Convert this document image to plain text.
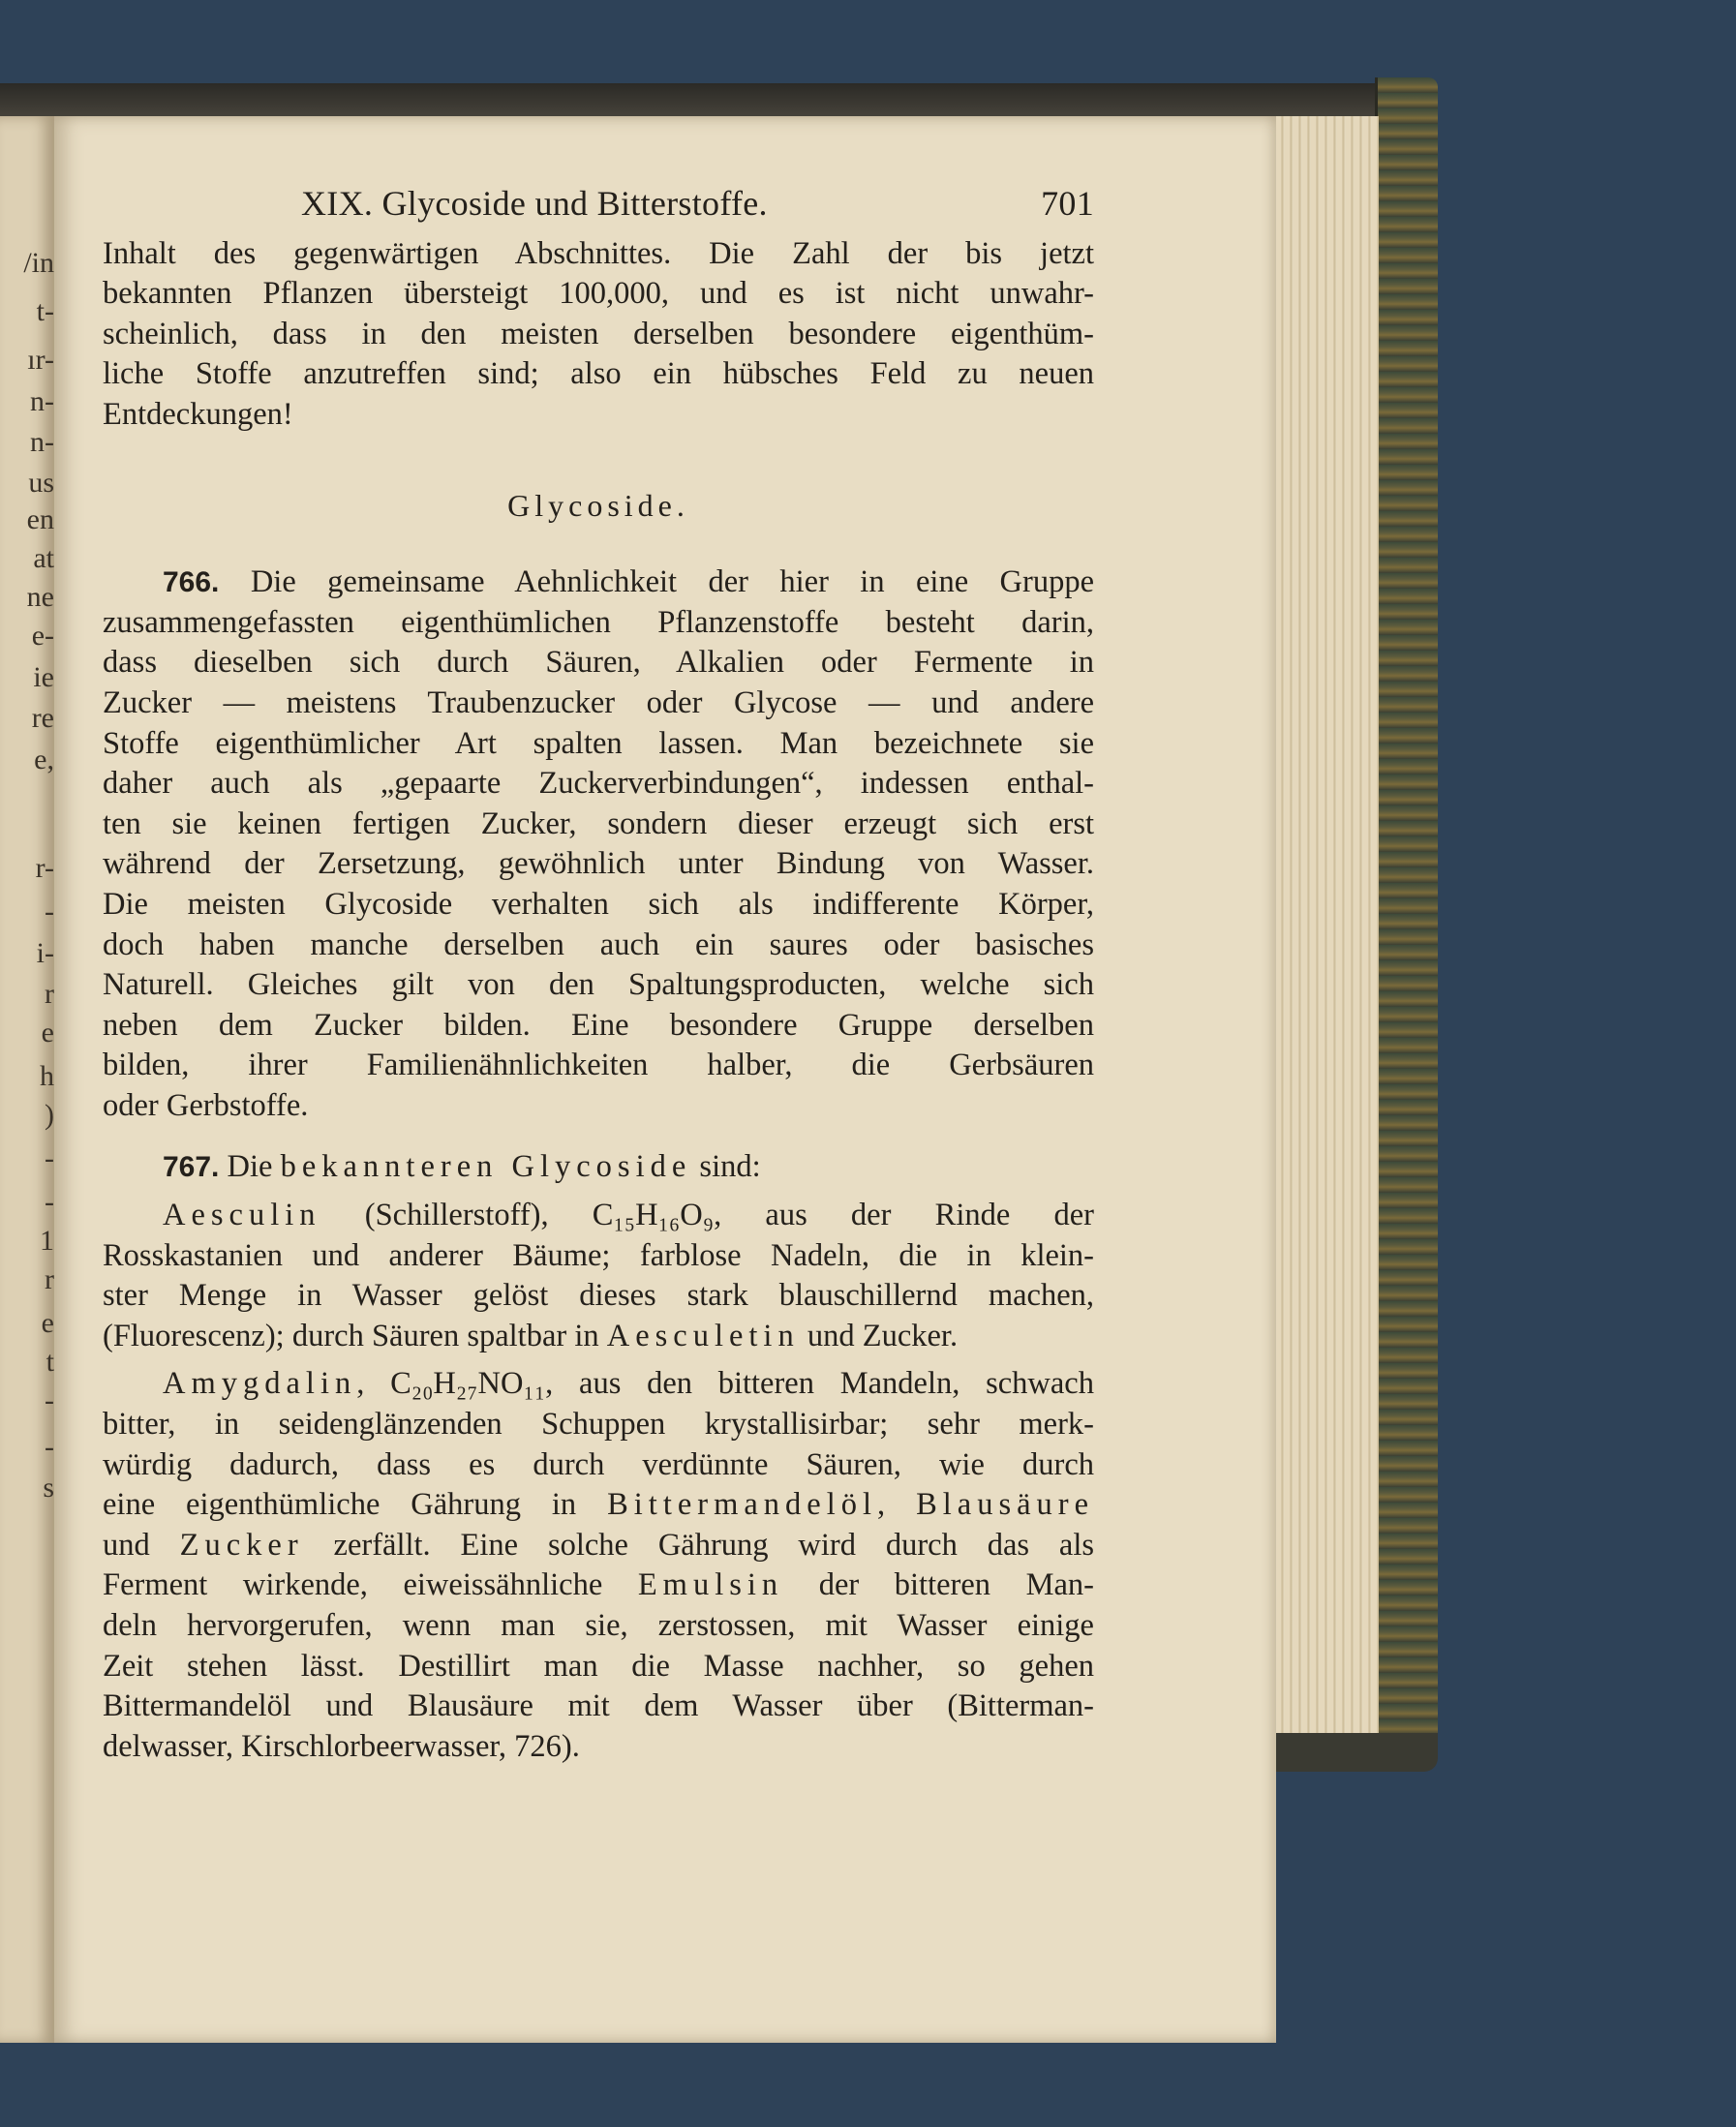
/in
t-
ır-
n-
n-
us
en
at
ne
e-
ie
re
e,
r-
-
i-
r
e
h
)
-
-
1
r
e
t
-
-
s
XIX. Glycoside und Bitterstoffe.	701
Inhalt des gegenwärtigen Abschnittes. Die Zahl der bis jetzt
bekannten Pflanzen übersteigt 100,000, und es ist nicht unwahr-
scheinlich, dass in den meisten derselben besondere eigenthüm-
liche Stoffe anzutreffen sind; also ein hübsches Feld zu neuen
Entdeckungen!
Glycoside.
766. Die gemeinsame Aehnlichkeit der hier in eine Gruppe
zusammengefassten eigenthümlichen Pflanzenstoffe besteht darin,
dass dieselben sich durch Säuren, Alkalien oder Fermente in
Zucker — meistens Traubenzucker oder Glycose — und andere
Stoffe eigenthümlicher Art spalten lassen. Man bezeichnete sie
daher auch als „gepaarte Zuckerverbindungen“, indessen enthal-
ten sie keinen fertigen Zucker, sondern dieser erzeugt sich erst
während der Zersetzung, gewöhnlich unter Bindung von Wasser.
Die meisten Glycoside verhalten sich als indifferente Körper,
doch haben manche derselben auch ein saures oder basisches
Naturell. Gleiches gilt von den Spaltungsproducten, welche sich
neben dem Zucker bilden. Eine besondere Gruppe derselben
bilden, ihrer Familienähnlichkeiten halber, die Gerbsäuren
oder Gerbstoffe.
767. Die bekannteren Glycoside sind:
Aesculin (Schillerstoff), C₁₅H₁₆O₉, aus der Rinde der
Rosskastanien und anderer Bäume; farblose Nadeln, die in klein-
ster Menge in Wasser gelöst dieses stark blauschillernd machen,
(Fluorescenz); durch Säuren spaltbar in Aesculetin und Zucker.
Amygdalin, C₂₀H₂₇NO₁₁, aus den bitteren Mandeln, schwach
bitter, in seidenglänzenden Schuppen krystallisirbar; sehr merk-
würdig dadurch, dass es durch verdünnte Säuren, wie durch
eine eigenthümliche Gährung in Bittermandelöl, Blausäure
und Zucker zerfällt. Eine solche Gährung wird durch das als
Ferment wirkende, eiweissähnliche Emulsin der bitteren Man-
deln hervorgerufen, wenn man sie, zerstossen, mit Wasser einige
Zeit stehen lässt. Destillirt man die Masse nachher, so gehen
Bittermandelöl und Blausäure mit dem Wasser über (Bitterman-
delwasser, Kirschlorbeerwasser, 726).
